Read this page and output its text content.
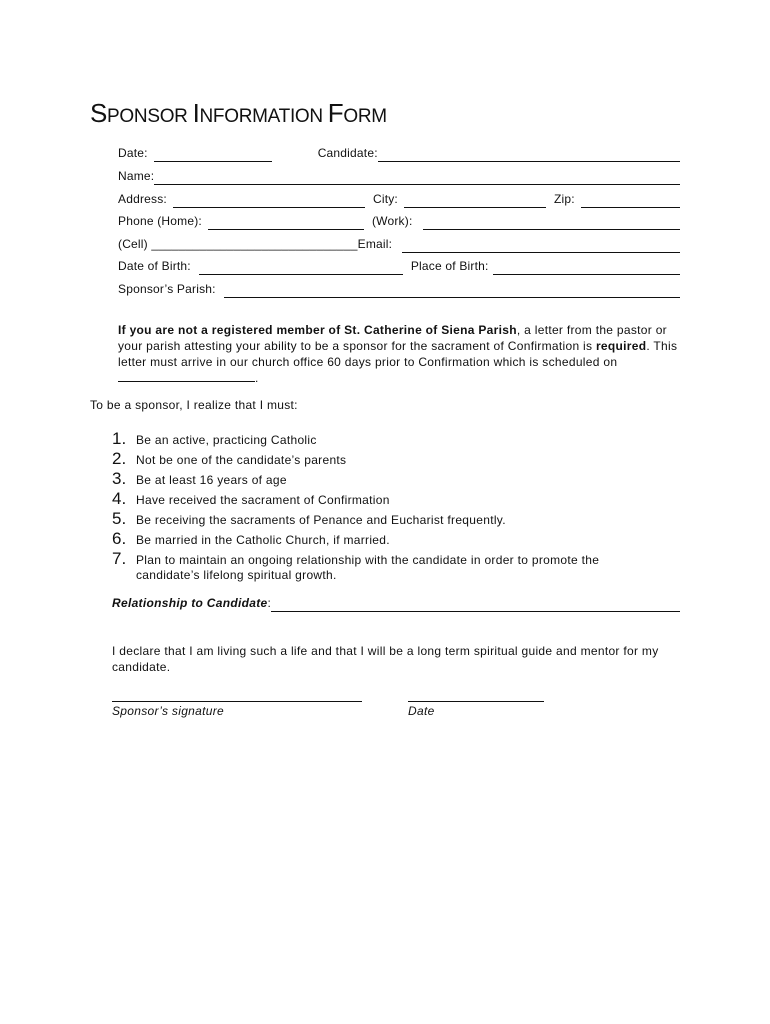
SPONSOR INFORMATION FORM
Date:	Candidate:
Name:
Address:	City:	Zip:
Phone (Home):	(Work):
(Cell) ______________________________ Email:
Date of Birth:	Place of Birth:
Sponsor’s Parish:
If you are not a registered member of St. Catherine of Siena Parish, a letter from the pastor or your parish attesting your ability to be a sponsor for the sacrament of Confirmation is required. This letter must arrive in our church office 60 days prior to Confirmation which is scheduled on.
To be a sponsor, I realize that I must:
1. Be an active, practicing Catholic
2. Not be one of the candidate’s parents
3. Be at least 16 years of age
4. Have received the sacrament of Confirmation
5. Be receiving the sacraments of Penance and Eucharist frequently.
6. Be married in the Catholic Church, if married.
7. Plan to maintain an ongoing relationship with the candidate in order to promote the candidate’s lifelong spiritual growth.
Relationship to Candidate :
I declare that I am living such a life and that I will be a long term spiritual guide and mentor for my candidate.
Sponsor’s signature	Date
